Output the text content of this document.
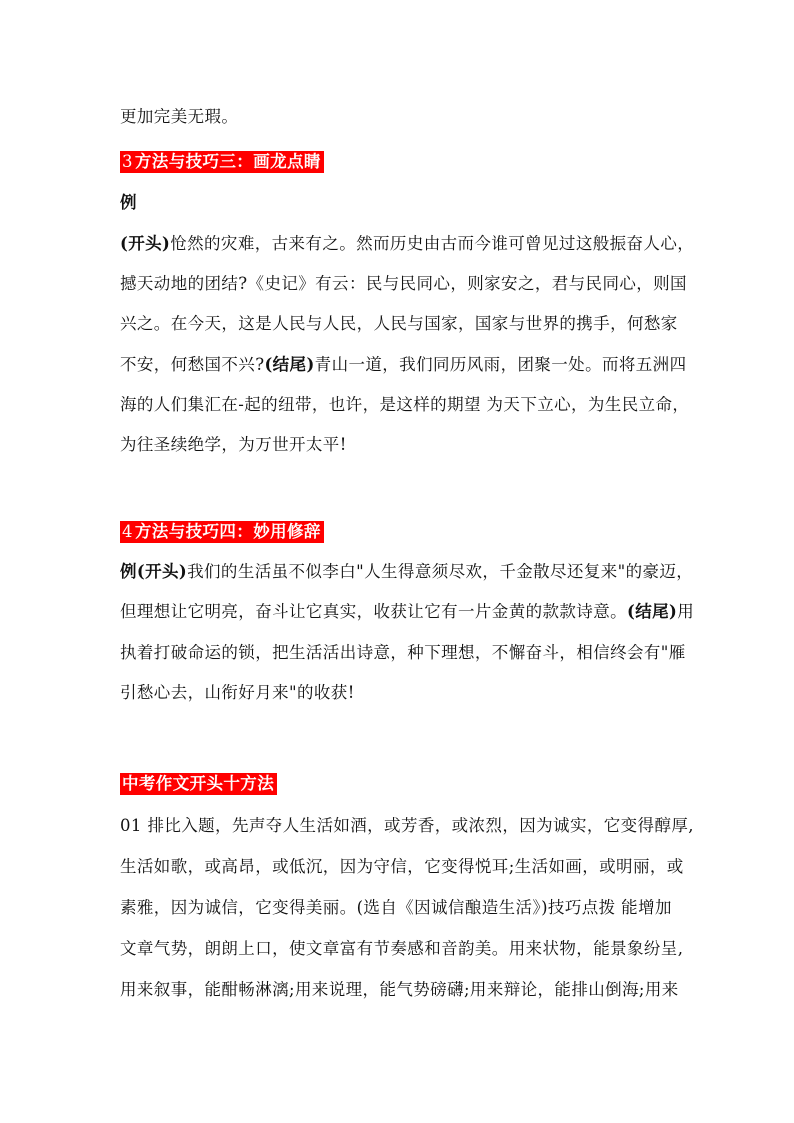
更加完美无瑕。
3 方法与技巧三：画龙点睛
例
(开头)怆然的灾难，古来有之。然而历史由古而今谁可曾见过这般振奋人心，
撼天动地的团结?《史记》有云：民与民同心，则家安之，君与民同心，则国
兴之。在今天，这是人民与人民，人民与国家，国家与世界的携手，何愁家
不安，何愁国不兴?(结尾)青山一道，我们同历风雨，团聚一处。而将五洲四
海的人们集汇在-起的纽带，也许，是这样的期望 为天下立心，为生民立命，
为往圣续绝学，为万世开太平!
4 方法与技巧四：妙用修辞
例(开头)我们的生活虽不似李白"人生得意须尽欢，千金散尽还复来"的豪迈，
但理想让它明亮，奋斗让它真实，收获让它有一片金黄的款款诗意。(结尾)用
执着打破命运的锁，把生活活出诗意，种下理想，不懈奋斗，相信终会有"雁
引愁心去，山衔好月来"的收获!
中考作文开头十方法
01 排比入题，先声夺人生活如酒，或芳香，或浓烈，因为诚实，它变得醇厚,
生活如歌，或高昂，或低沉，因为守信，它变得悦耳;生活如画，或明丽，或
素雅，因为诚信，它变得美丽。(选自《因诚信酿造生活》)技巧点拨 能增加
文章气势，朗朗上口，使文章富有节奏感和音韵美。用来状物，能景象纷呈,
用来叙事，能酣畅淋漓;用来说理，能气势磅礴;用来辩论，能排山倒海;用来
